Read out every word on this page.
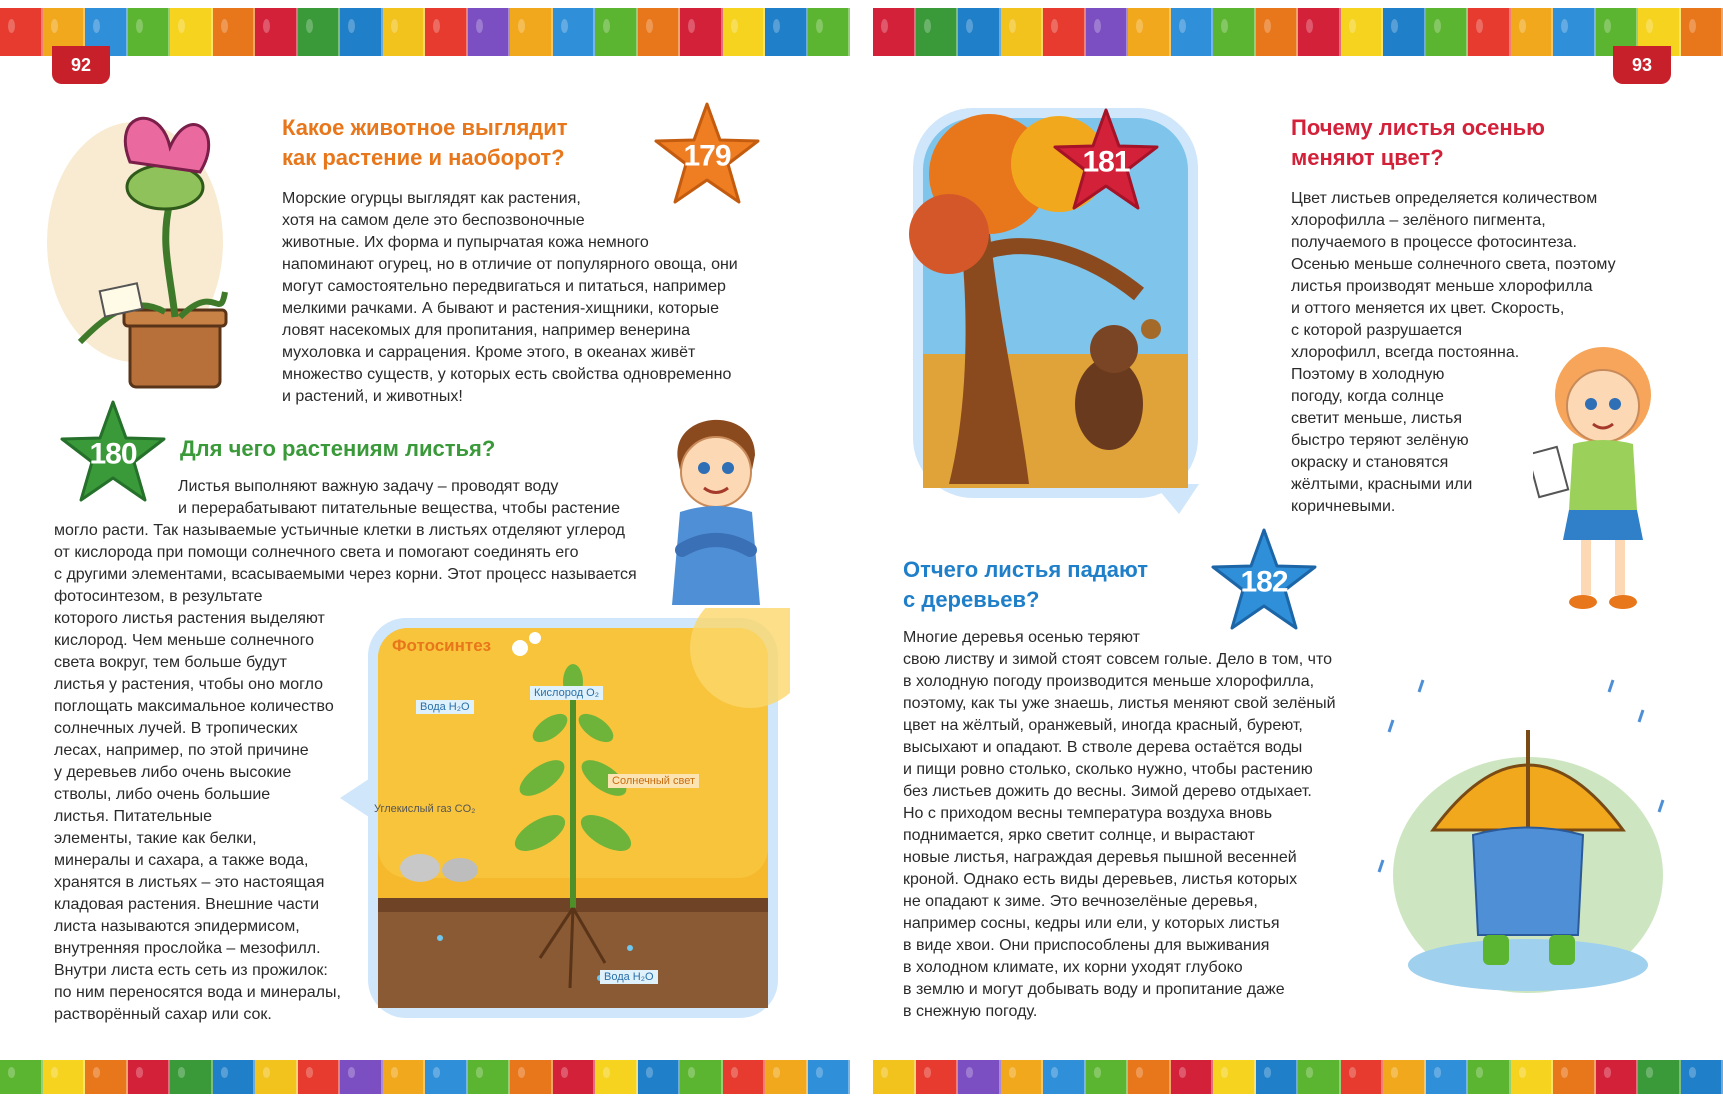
92
179
Какое животное выглядит
как растение и наоборот?

Морские огурцы выглядят как растения,

хотя на самом деле это беспозвоночные

животные. Их форма и пупырчатая кожа немного

напоминают огурец, но в отличие от популярного овоща, они

могут самостоятельно передвигаться и питаться, например

мелкими рачками. А бывают и растения-хищники, которые

ловят насекомых для пропитания, например венерина

мухоловка и саррацения. Кроме этого, в океанах живёт

множество существ, у которых есть свойства одновременно

и растений, и животных!

180	Для чего растениям листья?

Листья выполняют важную задачу – проводят воду

и перерабатывают питательные вещества, чтобы растение

могло расти. Так называемые устьичные клетки в листьях отделяют углерод

от кислорода при помощи солнечного света и помогают соединять его

с другими элементами, всасываемыми через корни. Этот процесс называется

фотосинтезом, в результате

которого листья растения выделяют

кислород. Чем меньше солнечного

света вокруг, тем больше будут

листья у растения, чтобы оно могло

поглощать максимальное количество

солнечных лучей. В тропических

лесах, например, по этой причине

у деревьев либо очень высокие

стволы, либо очень большие

листья. Питательные

элементы, такие как белки,

минералы и сахара, а также вода,

хранятся в листьях – это настоящая

кладовая растения. Внешние части

листа называются эпидермисом,

внутренняя прослойка – мезофилл.

Внутри листа есть сеть из прожилок:

по ним переносятся вода и минералы,

растворённый сахар или сок.

Фотосинтез
Вода H₂O
Кислород O₂
Солнечный свет
Углекислый газ CO₂
Вода H₂O
93
181
Почему листья осенью
меняют цвет?

Цвет листьев определяется количеством

хлорофилла – зелёного пигмента,

получаемого в процессе фотосинтеза.

Осенью меньше солнечного света, поэтому

листья производят меньше хлорофилла

и оттого меняется их цвет. Скорость,

с которой разрушается

хлорофилл, всегда постоянна.

Поэтому в холодную

погоду, когда солнце

светит меньше, листья

быстро теряют зелёную

окраску и становятся

жёлтыми, красными или

коричневыми.

182
Отчего листья падают
с деревьев?

Многие деревья осенью теряют

свою листву и зимой стоят совсем голые. Дело в том, что

в холодную погоду производится меньше хлорофилла,

поэтому, как ты уже знаешь, листья меняют свой зелёный

цвет на жёлтый, оранжевый, иногда красный, буреют,

высыхают и опадают. В стволе дерева остаётся воды

и пищи ровно столько, сколько нужно, чтобы растению

без листьев дожить до весны. Зимой дерево отдыхает.

Но с приходом весны температура воздуха вновь

поднимается, ярко светит солнце, и вырастают

новые листья, награждая деревья пышной весенней

кроной. Однако есть виды деревьев, листья которых

не опадают к зиме. Это вечнозелёные деревья,

например сосны, кедры или ели, у которых листья

в виде хвои. Они приспособлены для выживания

в холодном климате, их корни уходят глубоко

в землю и могут добывать воду и пропитание даже

в снежную погоду.
